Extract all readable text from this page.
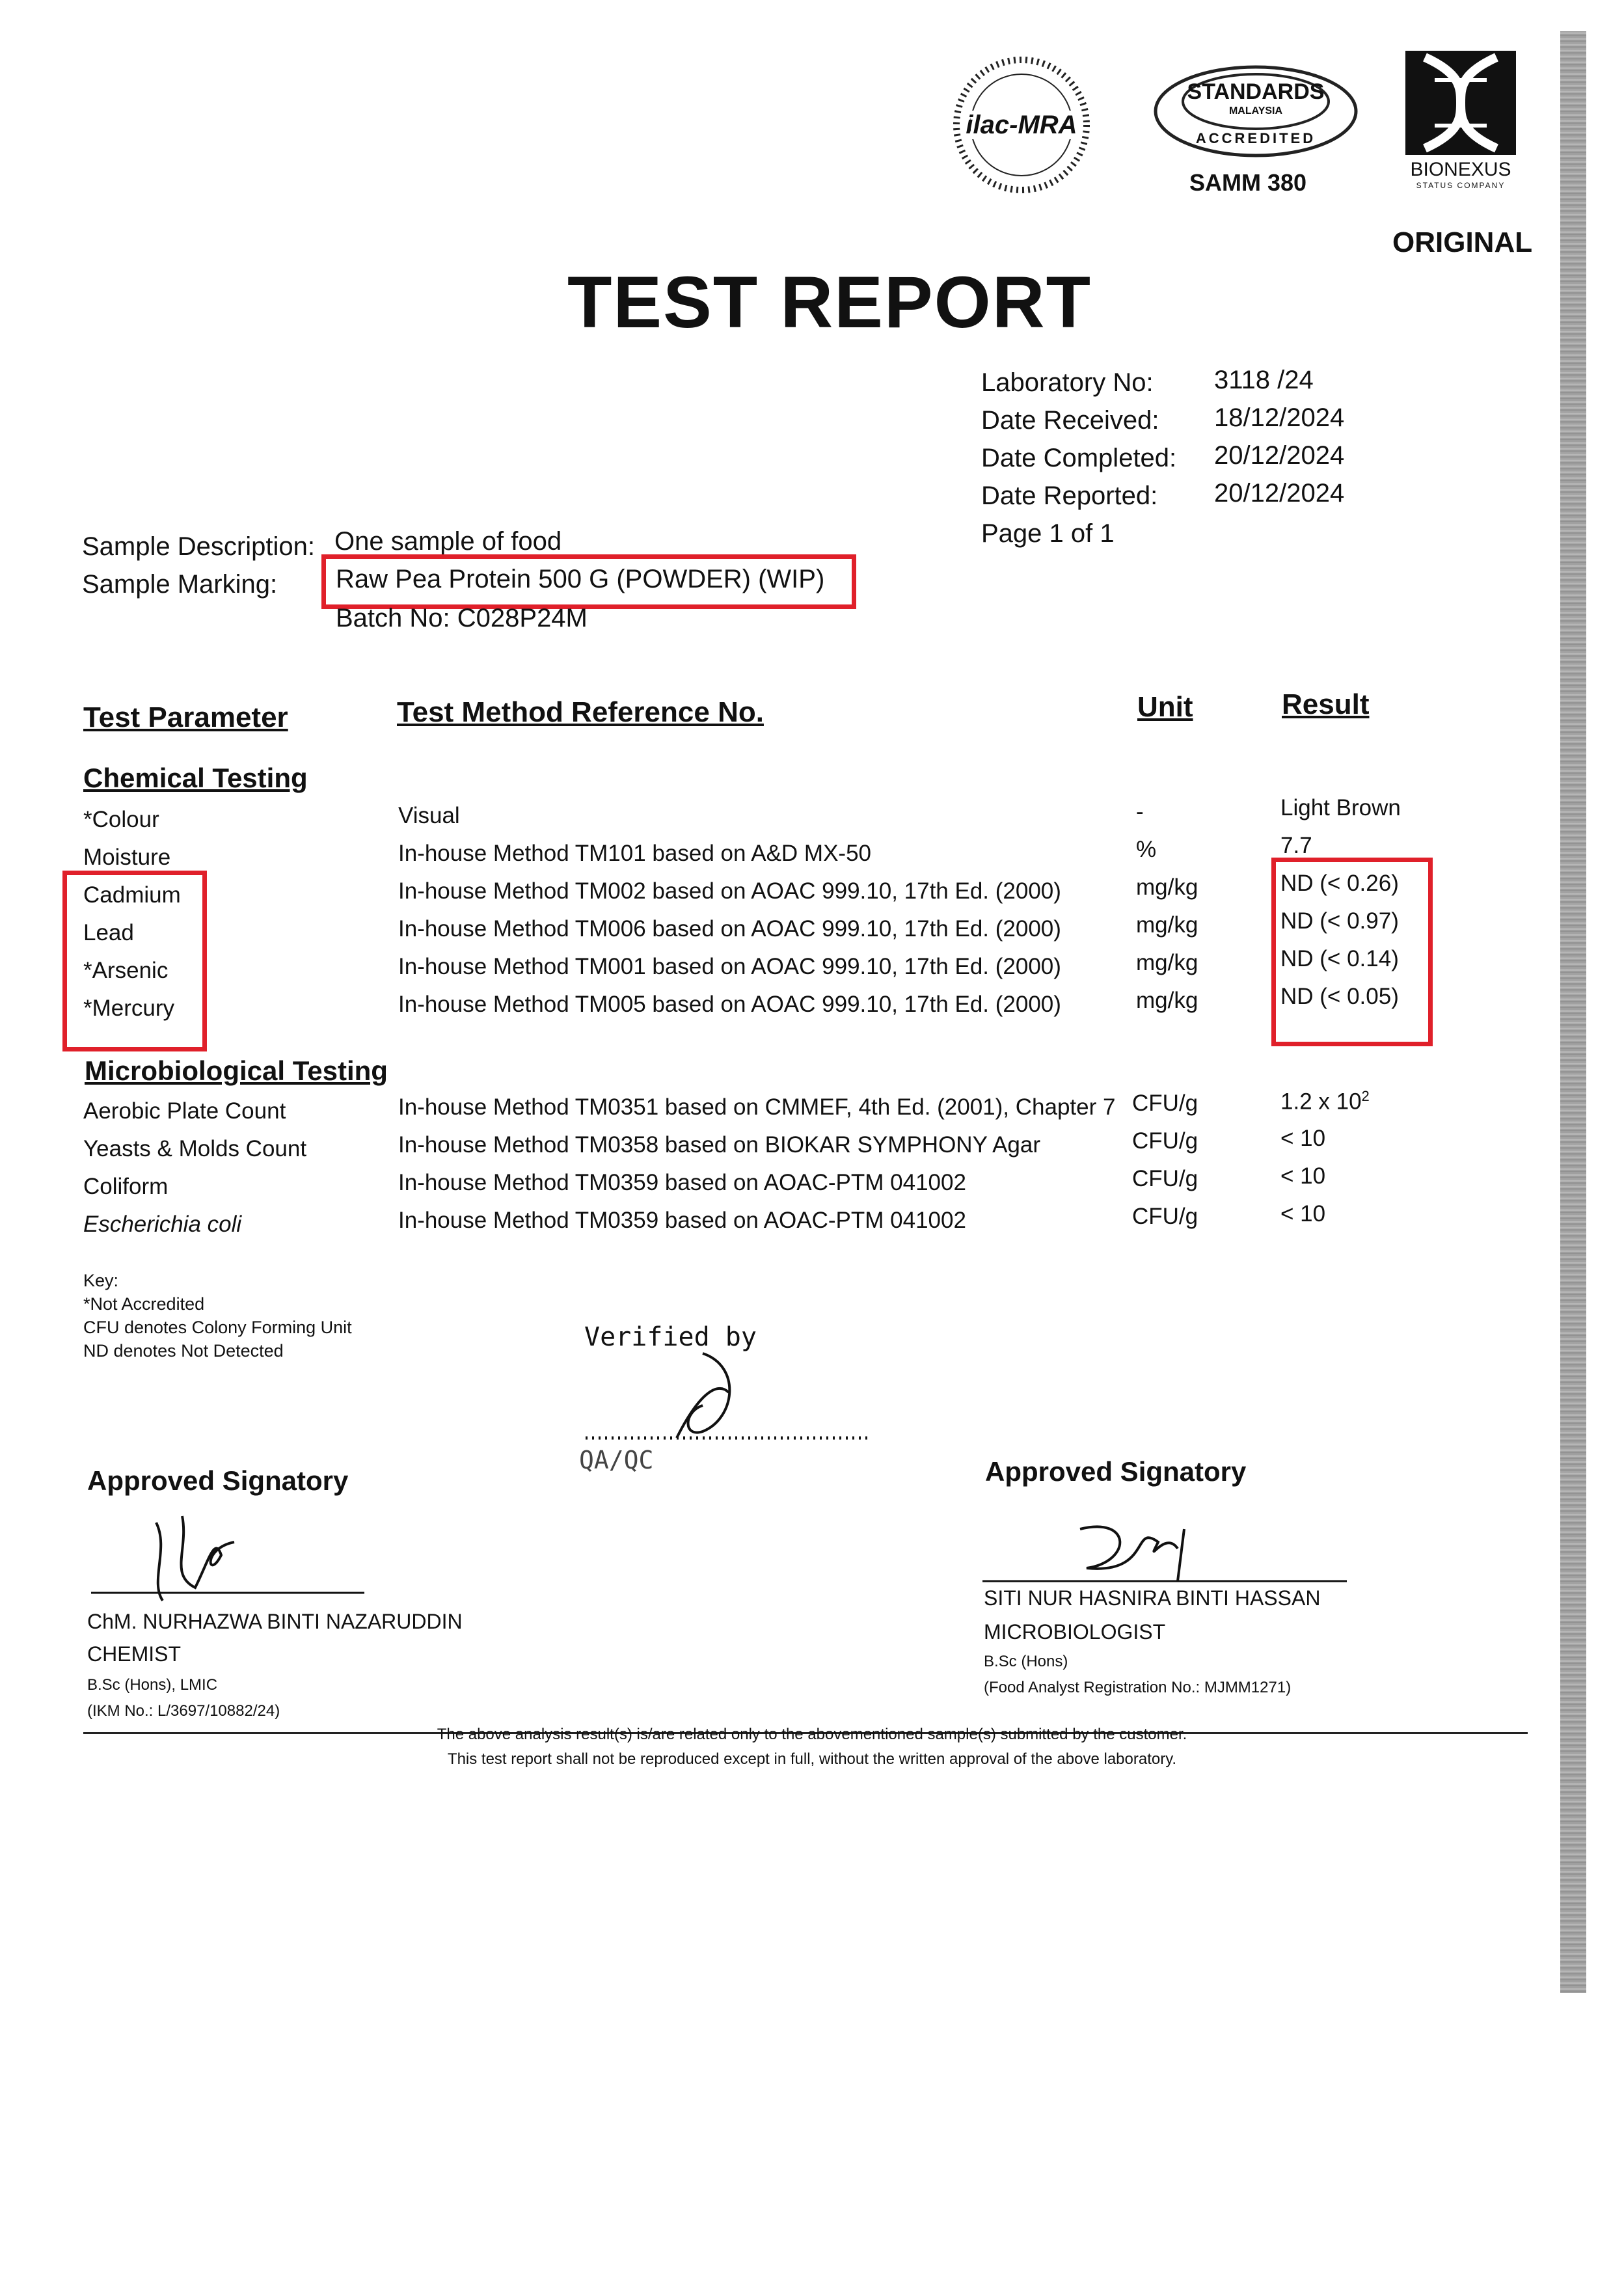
ilac-MRA
STANDARDS
MALAYSIA
ACCREDITED
SAMM 380	BIONEXUS
STATUS COMPANY
ORIGINAL
TEST REPORT
Laboratory No: 3118 /24
Date Received: 18/12/2024
Date Completed: 20/12/2024
Date Reported: 20/12/2024
Page 1 of 1
Sample Description: One sample of food
Sample Marking: Raw Pea Protein 500 G (POWDER) (WIP)
Batch No: C028P24M
Test Parameter	Test Method Reference No.	Unit	Result
Chemical Testing
*Colour	Visual	-	Light Brown
Moisture	In-house Method TM101 based on A&D MX-50	%	7.7
Cadmium	In-house Method TM002 based on AOAC 999.10, 17th Ed. (2000)	mg/kg	ND (< 0.26)
Lead	In-house Method TM006 based on AOAC 999.10, 17th Ed. (2000)	mg/kg	ND (< 0.97)
*Arsenic	In-house Method TM001 based on AOAC 999.10, 17th Ed. (2000)	mg/kg	ND (< 0.14)
*Mercury	In-house Method TM005 based on AOAC 999.10, 17th Ed. (2000)	mg/kg	ND (< 0.05)
Microbiological Testing
Aerobic Plate Count	In-house Method TM0351 based on CMMEF, 4th Ed. (2001), Chapter 7 CFU/g	1.2 x $10^2$
Yeasts & Molds Count	In-house Method TM0358 based on BIOKAR SYMPHONY Agar	CFU/g	< 10
Coliform	In-house Method TM0359 based on AOAC-PTM 041002	CFU/g	< 10
Escherichia coli	In-house Method TM0359 based on AOAC-PTM 041002	CFU/g	< 10
Key:
*Not Accredited
CFU denotes Colony Forming Unit
ND denotes Not Detected	Verified by
QA/QC
Approved Signatory
ChM. NURHAZWA BINTI NAZARUDDIN
CHEMIST
B.Sc (Hons), LMIC
(IKM No.: L/3697/10882/24)
Approved Signatory
SITI NUR HASNIRA BINTI HASSAN
MICROBIOLOGIST
B.Sc (Hons)
(Food Analyst Registration No.: MJMM1271)
The above analysis result(s) is/are related only to the abovementioned sample(s) submitted by the customer.
This test report shall not be reproduced except in full, without the written approval of the above laboratory.
